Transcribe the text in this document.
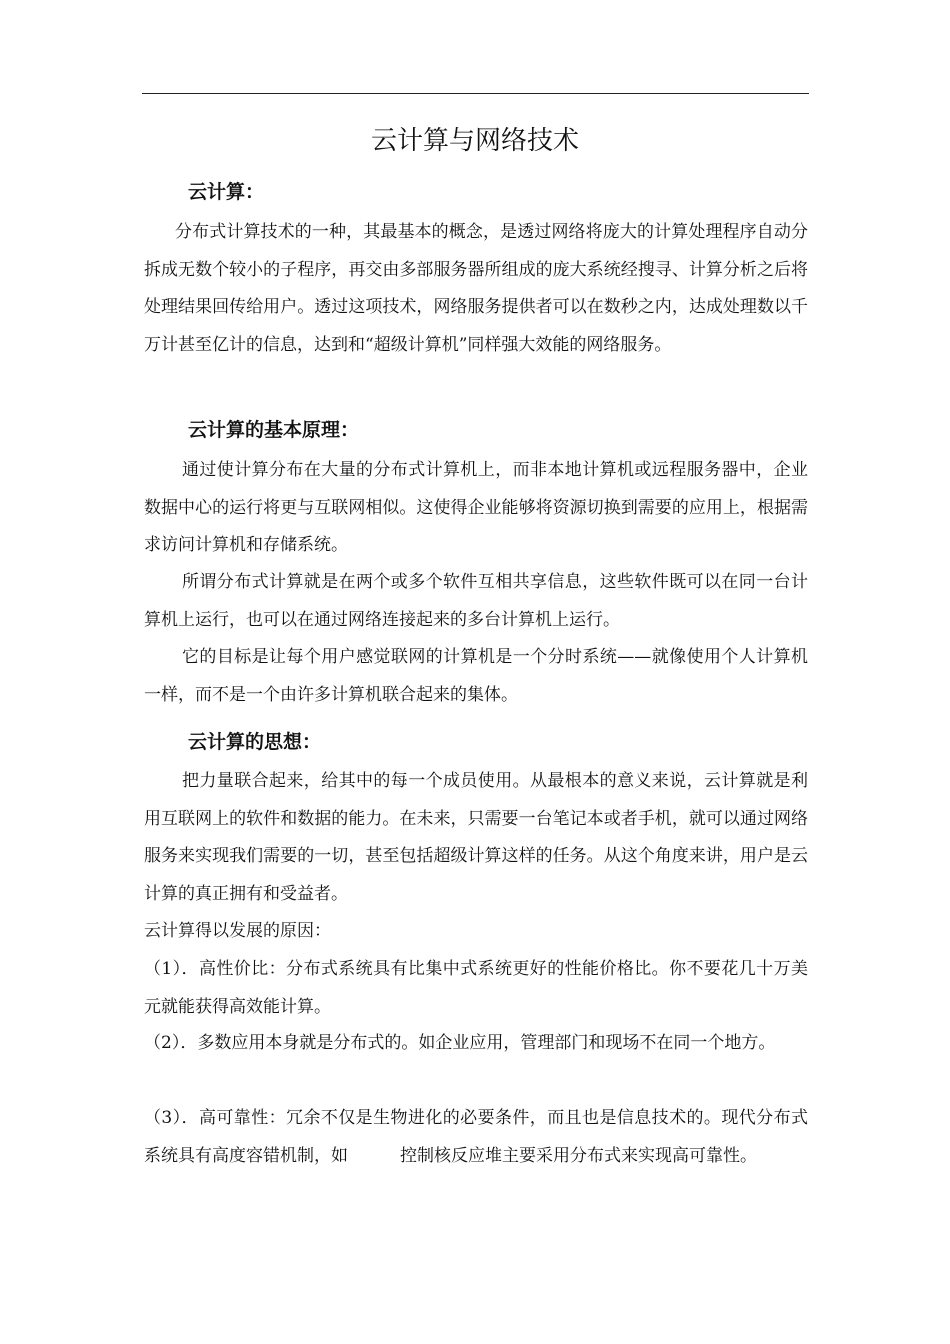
云计算与网络技术
云计算：
分布式计算技术的一种，其最基本的概念，是透过网络将庞大的计算处理程序自动分拆成无数个较小的子程序，再交由多部服务器所组成的庞大系统经搜寻、计算分析之后将处理结果回传给用户。透过这项技术，网络服务提供者可以在数秒之内，达成处理数以千万计甚至亿计的信息，达到和“超级计算机”同样强大效能的网络服务。
云计算的基本原理：
通过使计算分布在大量的分布式计算机上，而非本地计算机或远程服务器中，企业数据中心的运行将更与互联网相似。这使得企业能够将资源切换到需要的应用上，根据需求访问计算机和存储系统。
所谓分布式计算就是在两个或多个软件互相共享信息，这些软件既可以在同一台计算机上运行，也可以在通过网络连接起来的多台计算机上运行。
它的目标是让每个用户感觉联网的计算机是一个分时系统——就像使用个人计算机一样，而不是一个由许多计算机联合起来的集体。
云计算的思想：
把力量联合起来，给其中的每一个成员使用。从最根本的意义来说，云计算就是利用互联网上的软件和数据的能力。在未来，只需要一台笔记本或者手机，就可以通过网络服务来实现我们需要的一切，甚至包括超级计算这样的任务。从这个角度来讲，用户是云计算的真正拥有和受益者。
云计算得以发展的原因：
（1）．高性价比：分布式系统具有比集中式系统更好的性能价格比。你不要花几十万美元就能获得高效能计算。
（2）．多数应用本身就是分布式的。如企业应用，管理部门和现场不在同一个地方。
（3）．高可靠性：冗余不仅是生物进化的必要条件，而且也是信息技术的。现代分布式系统具有高度容错机制，如	控制核反应堆主要采用分布式来实现高可靠性。
